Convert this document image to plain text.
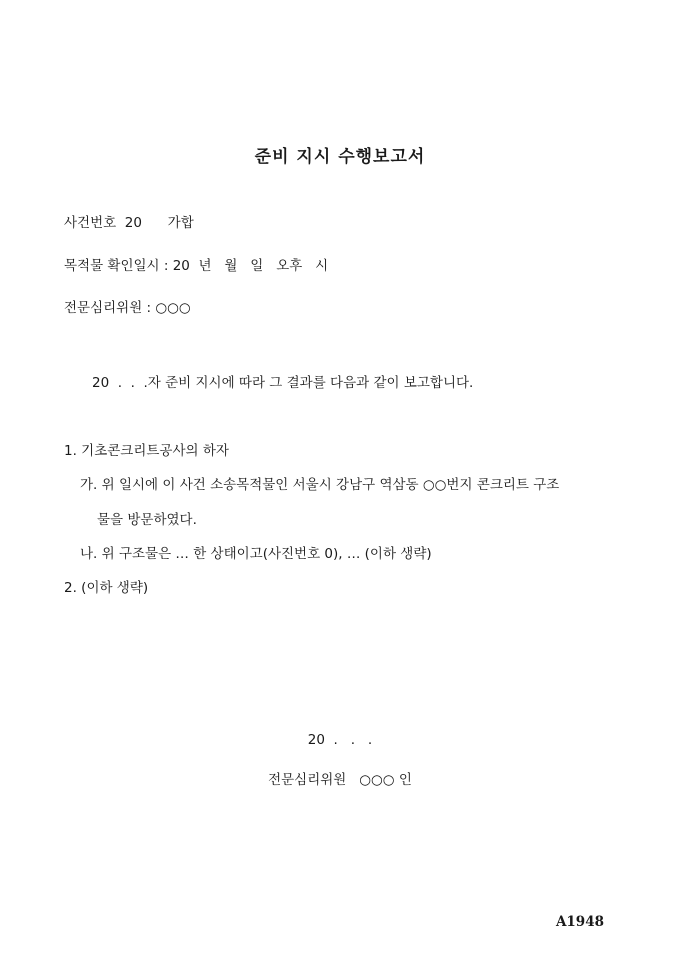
준비 지시 수행보고서
사건번호  20      가합
목적물 확인일시 : 20  년   월   일   오후   시
전문심리위원 : ○○○
20  .  .  .자 준비 지시에 따라 그 결과를 다음과 같이 보고합니다.
1. 기초콘크리트공사의 하자
가. 위 일시에 이 사건 소송목적물인 서울시 강남구 역삼동 ○○번지 콘크리트 구조
물을 방문하였다.
나. 위 구조물은 … 한 상태이고(사진번호 0), … (이하 생략)
2. (이하 생략)
20  .   .   .
전문심리위원   ○○○ 인
A1948
